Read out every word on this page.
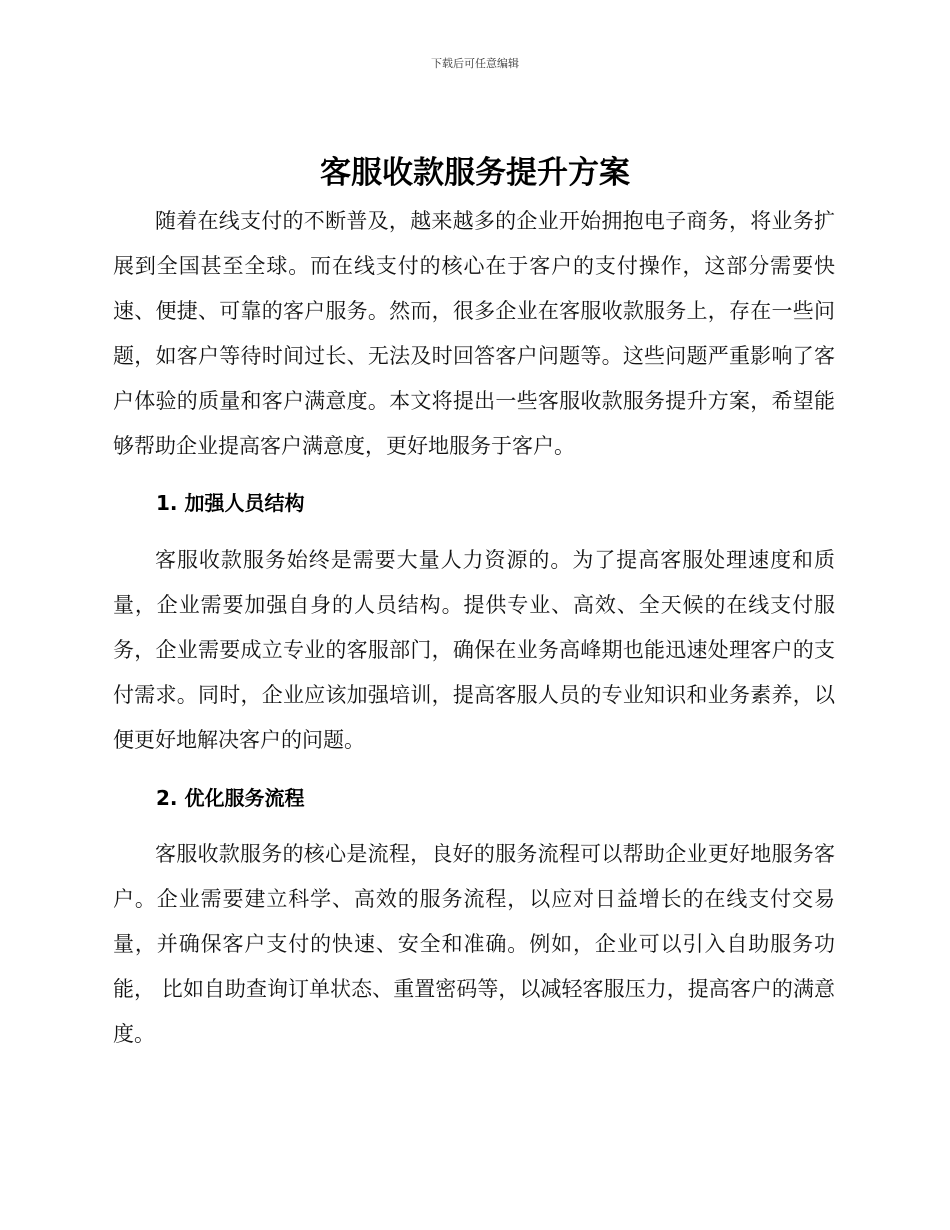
下载后可任意编辑
客服收款服务提升方案

随着在线支付的不断普及，越来越多的企业开始拥抱电子商务，将业务扩展到全国甚至全球。而在线支付的核心在于客户的支付操作，这部分需要快速、便捷、可靠的客户服务。然而，很多企业在客服收款服务上，存在一些问题，如客户等待时间过长、无法及时回答客户问题等。这些问题严重影响了客户体验的质量和客户满意度。本文将提出一些客服收款服务提升方案，希望能够帮助企业提高客户满意度，更好地服务于客户。

1. 加强人员结构

客服收款服务始终是需要大量人力资源的。为了提高客服处理速度和质量，企业需要加强自身的人员结构。提供专业、高效、全天候的在线支付服务，企业需要成立专业的客服部门，确保在业务高峰期也能迅速处理客户的支付需求。同时，企业应该加强培训，提高客服人员的专业知识和业务素养，以便更好地解决客户的问题。

2. 优化服务流程

客服收款服务的核心是流程，良好的服务流程可以帮助企业更好地服务客户。企业需要建立科学、高效的服务流程，以应对日益增长的在线支付交易量，并确保客户支付的快速、安全和准确。例如，企业可以引入自助服务功能， 比如自助查询订单状态、重置密码等，以减轻客服压力，提高客户的满意度。
